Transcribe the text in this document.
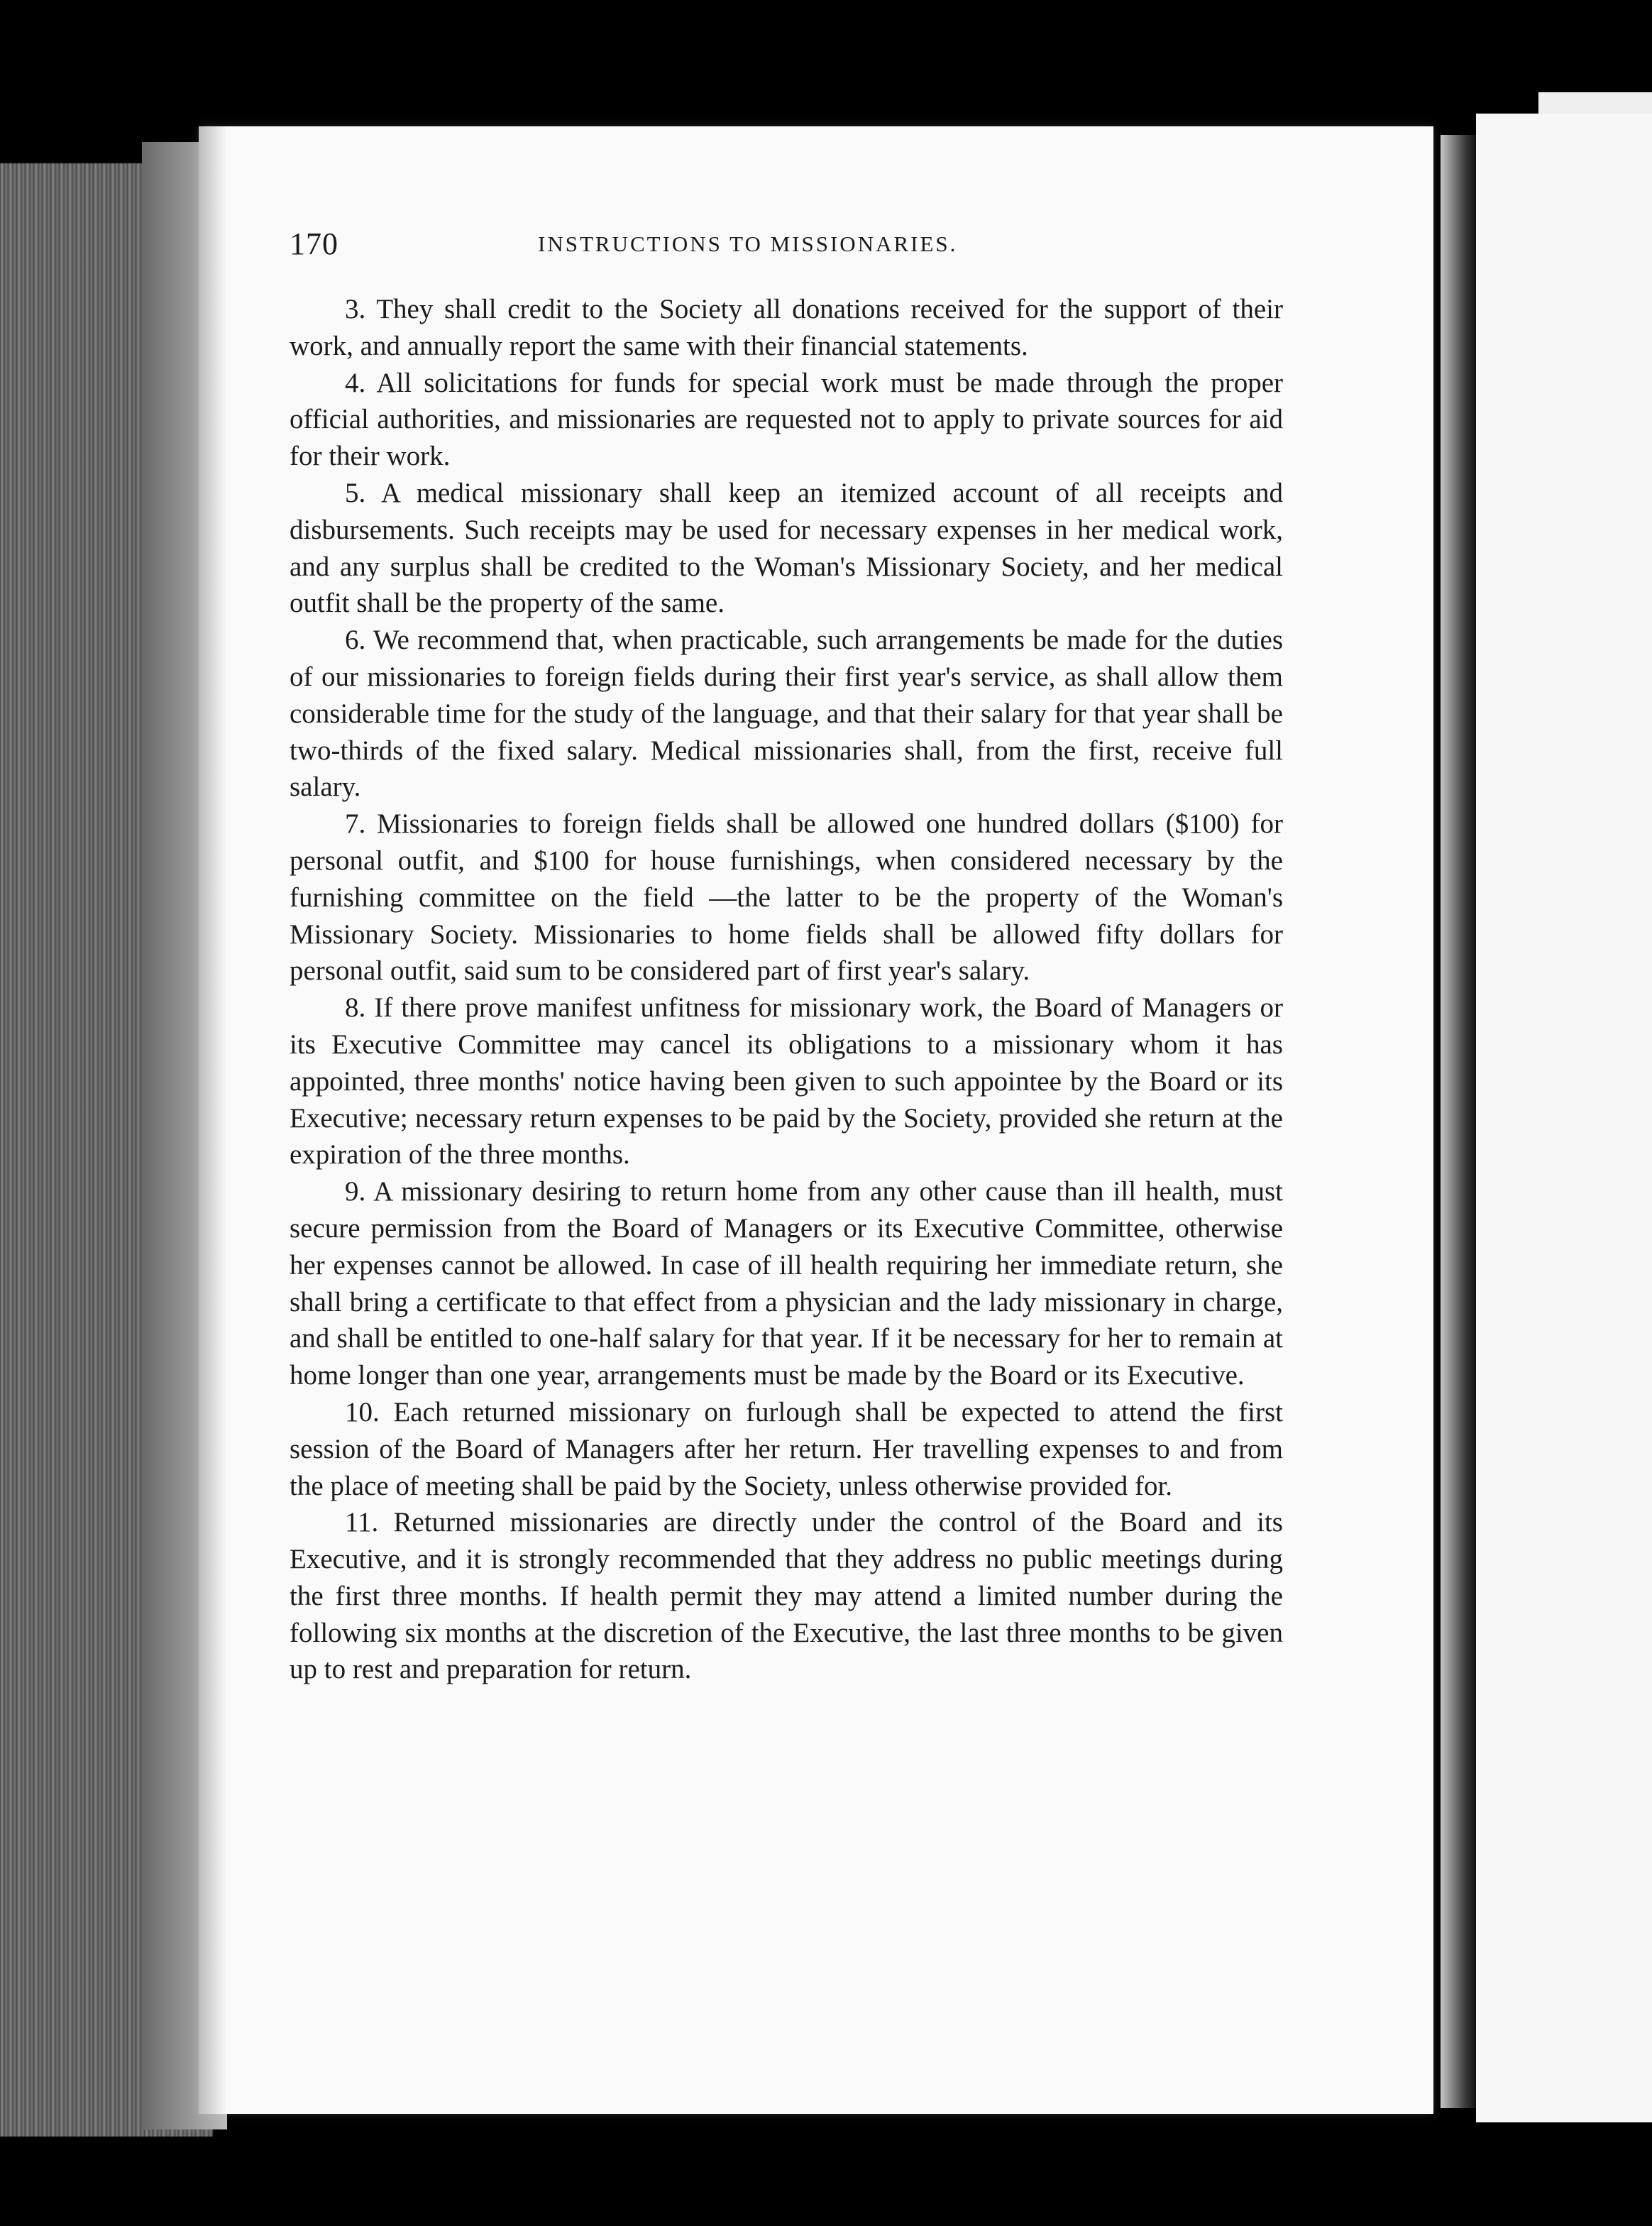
170	INSTRUCTIONS TO MISSIONARIES.

3. They shall credit to the Society all donations received for the support of their work, and annually report the same with their financial statements.

4. All solicitations for funds for special work must be made through the proper official authorities, and missionaries are requested not to apply to private sources for aid for their work.

5. A medical missionary shall keep an itemized account of all receipts and disbursements. Such receipts may be used for necessary expenses in her medical work, and any surplus shall be credited to the Woman's Missionary Society, and her medical outfit shall be the property of the same.

6. We recommend that, when practicable, such arrangements be made for the duties of our missionaries to foreign fields during their first year's service, as shall allow them considerable time for the study of the language, and that their salary for that year shall be two-thirds of the fixed salary. Medical missionaries shall, from the first, receive full salary.

7. Missionaries to foreign fields shall be allowed one hundred dollars ($100) for personal outfit, and $100 for house furnishings, when considered necessary by the furnishing committee on the field —the latter to be the property of the Woman's Missionary Society. Missionaries to home fields shall be allowed fifty dollars for personal outfit, said sum to be considered part of first year's salary.

8. If there prove manifest unfitness for missionary work, the Board of Managers or its Executive Committee may cancel its obligations to a missionary whom it has appointed, three months' notice having been given to such appointee by the Board or its Executive; necessary return expenses to be paid by the Society, provided she return at the expiration of the three months.

9. A missionary desiring to return home from any other cause than ill health, must secure permission from the Board of Managers or its Executive Committee, otherwise her expenses cannot be allowed. In case of ill health requiring her immediate return, she shall bring a certificate to that effect from a physician and the lady missionary in charge, and shall be entitled to one-half salary for that year. If it be necessary for her to remain at home longer than one year, arrangements must be made by the Board or its Executive.

10. Each returned missionary on furlough shall be expected to attend the first session of the Board of Managers after her return. Her travelling expenses to and from the place of meeting shall be paid by the Society, unless otherwise provided for.

11. Returned missionaries are directly under the control of the Board and its Executive, and it is strongly recommended that they address no public meetings during the first three months. If health permit they may attend a limited number during the following six months at the discretion of the Executive, the last three months to be given up to rest and preparation for return.
